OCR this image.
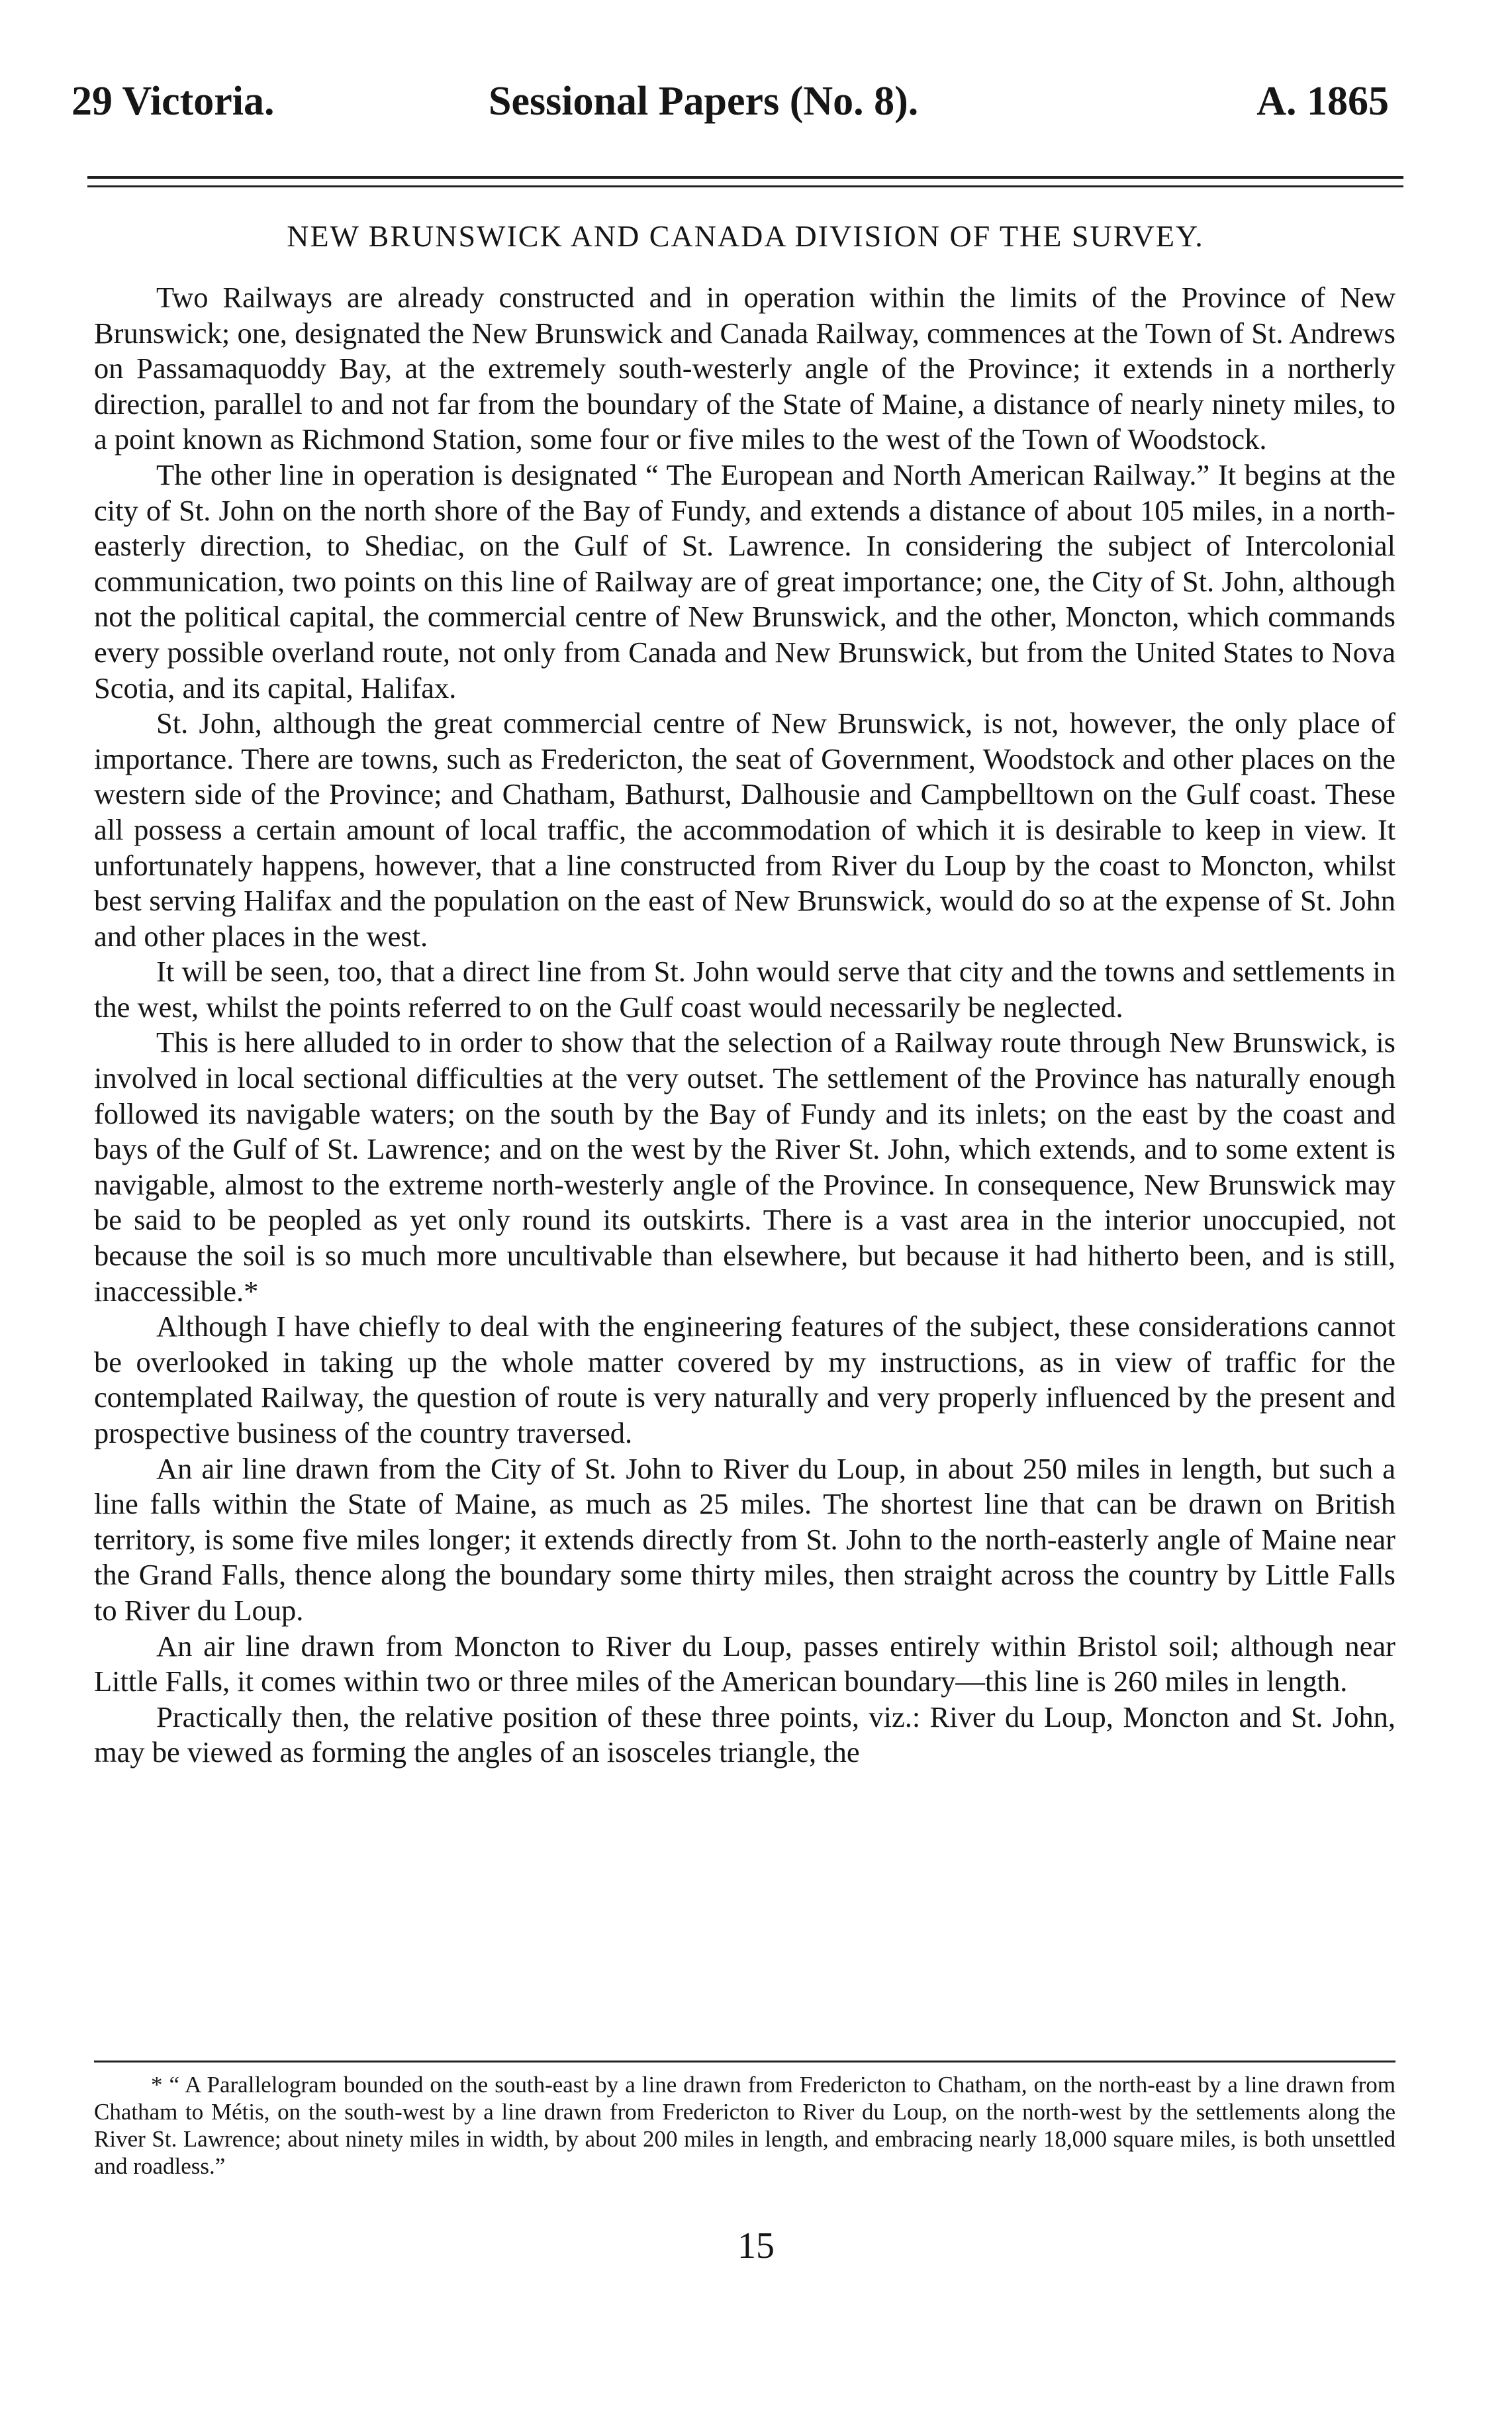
29 Victoria.	Sessional Papers (No. 8).	A. 1865
NEW BRUNSWICK AND CANADA DIVISION OF THE SURVEY.

Two Railways are already constructed and in operation within the limits of the Province of New Brunswick; one, designated the New Brunswick and Canada Railway, commences at the Town of St. Andrews on Passamaquoddy Bay, at the extremely south-westerly angle of the Province; it extends in a northerly direction, parallel to and not far from the boundary of the State of Maine, a distance of nearly ninety miles, to a point known as Richmond Station, some four or five miles to the west of the Town of Woodstock.

The other line in operation is designated “ The European and North American Railway.” It begins at the city of St. John on the north shore of the Bay of Fundy, and extends a distance of about 105 miles, in a north-easterly direction, to Shediac, on the Gulf of St. Lawrence. In considering the subject of Intercolonial communication, two points on this line of Railway are of great importance; one, the City of St. John, although not the political capital, the commercial centre of New Brunswick, and the other, Moncton, which commands every possible overland route, not only from Canada and New Brunswick, but from the United States to Nova Scotia, and its capital, Halifax.

St. John, although the great commercial centre of New Brunswick, is not, however, the only place of importance. There are towns, such as Fredericton, the seat of Government, Woodstock and other places on the western side of the Province; and Chatham, Bathurst, Dalhousie and Campbelltown on the Gulf coast. These all possess a certain amount of local traffic, the accommodation of which it is desirable to keep in view. It unfortunately happens, however, that a line constructed from River du Loup by the coast to Moncton, whilst best serving Halifax and the population on the east of New Brunswick, would do so at the expense of St. John and other places in the west.

It will be seen, too, that a direct line from St. John would serve that city and the towns and settlements in the west, whilst the points referred to on the Gulf coast would necessarily be neglected.

This is here alluded to in order to show that the selection of a Railway route through New Brunswick, is involved in local sectional difficulties at the very outset. The settlement of the Province has naturally enough followed its navigable waters; on the south by the Bay of Fundy and its inlets; on the east by the coast and bays of the Gulf of St. Lawrence; and on the west by the River St. John, which extends, and to some extent is navigable, almost to the extreme north-westerly angle of the Province. In consequence, New Brunswick may be said to be peopled as yet only round its outskirts. There is a vast area in the interior unoccupied, not because the soil is so much more uncultivable than elsewhere, but because it had hitherto been, and is still, inaccessible.*

Although I have chiefly to deal with the engineering features of the subject, these considerations cannot be overlooked in taking up the whole matter covered by my instructions, as in view of traffic for the contemplated Railway, the question of route is very naturally and very properly influenced by the present and prospective business of the country traversed.

An air line drawn from the City of St. John to River du Loup, in about 250 miles in length, but such a line falls within the State of Maine, as much as 25 miles. The shortest line that can be drawn on British territory, is some five miles longer; it extends directly from St. John to the north-easterly angle of Maine near the Grand Falls, thence along the boundary some thirty miles, then straight across the country by Little Falls to River du Loup.

An air line drawn from Moncton to River du Loup, passes entirely within Bristol soil; although near Little Falls, it comes within two or three miles of the American boundary—this line is 260 miles in length.

Practically then, the relative position of these three points, viz.: River du Loup, Moncton and St. John, may be viewed as forming the angles of an isosceles triangle, the

* “ A Parallelogram bounded on the south-east by a line drawn from Fredericton to Chatham, on the north-east by a line drawn from Chatham to Métis, on the south-west by a line drawn from Fredericton to River du Loup, on the north-west by the settlements along the River St. Lawrence; about ninety miles in width, by about 200 miles in length, and embracing nearly 18,000 square miles, is both unsettled and roadless.”

15
